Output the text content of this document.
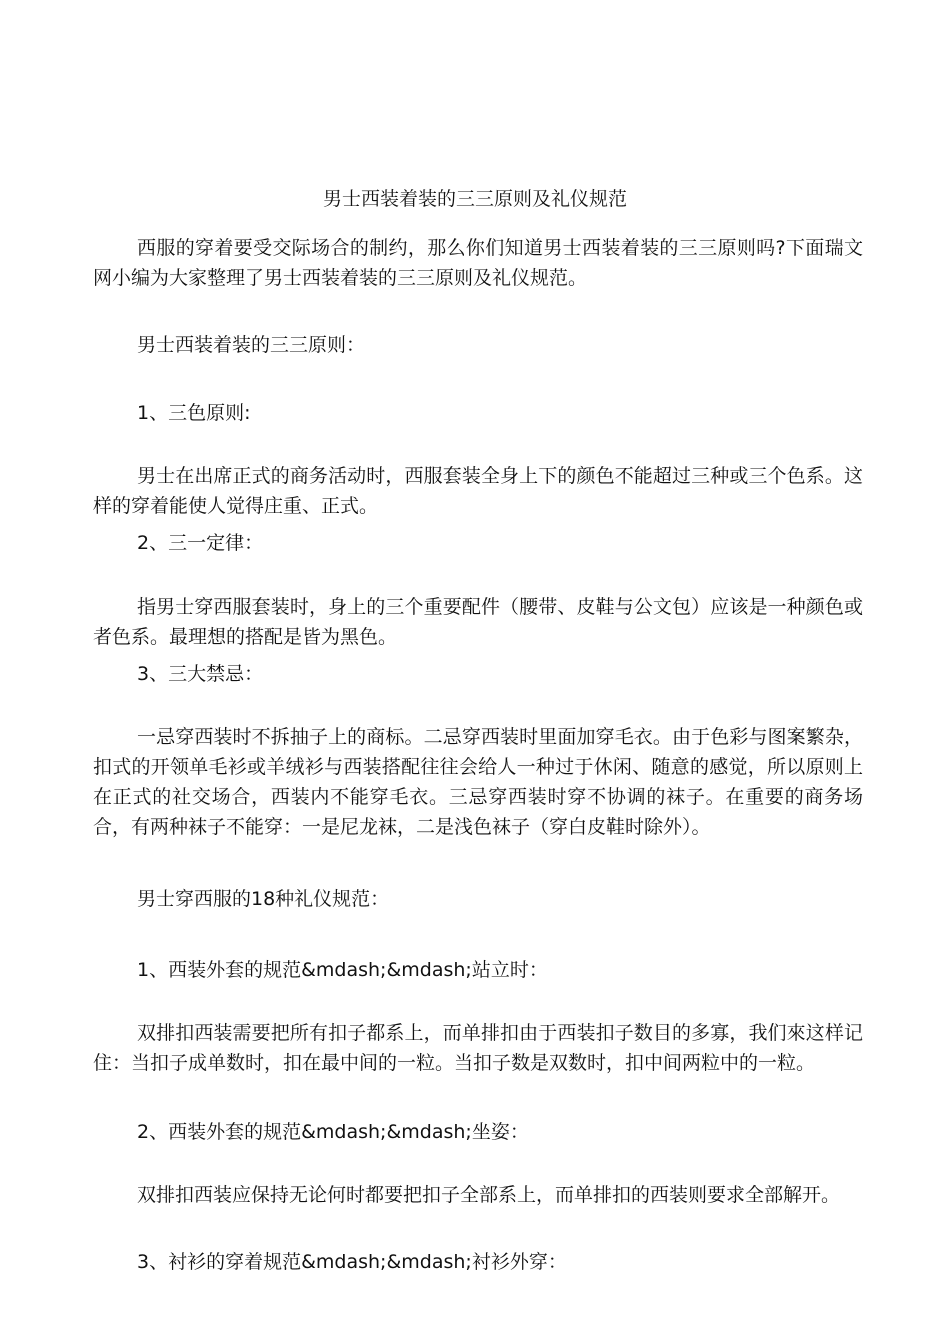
男士西装着装的三三原则及礼仪规范

西服的穿着要受交际场合的制约，那么你们知道男士西装着装的三三原则吗?下面瑞文网小编为大家整理了男士西装着装的三三原则及礼仪规范。

男士西装着装的三三原则：

1、三色原则:

男士在出席正式的商务活动时，西服套装全身上下的颜色不能超过三种或三个色系。这样的穿着能使人觉得庄重、正式。

2、三一定律：

指男士穿西服套装时，身上的三个重要配件（腰带、皮鞋与公文包）应该是一种颜色或者色系。最理想的搭配是皆为黑色。

3、三大禁忌：

一忌穿西装时不拆抽子上的商标。二忌穿西装时里面加穿毛衣。由于色彩与图案繁杂，扣式的开领单毛衫或羊绒衫与西装搭配往往会给人一种过于休闲、随意的感觉，所以原则上在正式的社交场合，西装内不能穿毛衣。三忌穿西装时穿不协调的袜子。在重要的商务场合，有两种袜子不能穿：一是尼龙袜，二是浅色袜子（穿白皮鞋时除外）。

男士穿西服的18种礼仪规范：

1、西装外套的规范&mdash;&mdash;站立时：

双排扣西装需要把所有扣子都系上，而单排扣由于西装扣子数目的多寡，我们來这样记住：当扣子成单数时，扣在最中间的一粒。当扣子数是双数时，扣中间两粒中的一粒。

2、西装外套的规范&mdash;&mdash;坐姿：

双排扣西装应保持无论何时都要把扣子全部系上，而单排扣的西装则要求全部解开。

3、衬衫的穿着规范&mdash;&mdash;衬衫外穿：
